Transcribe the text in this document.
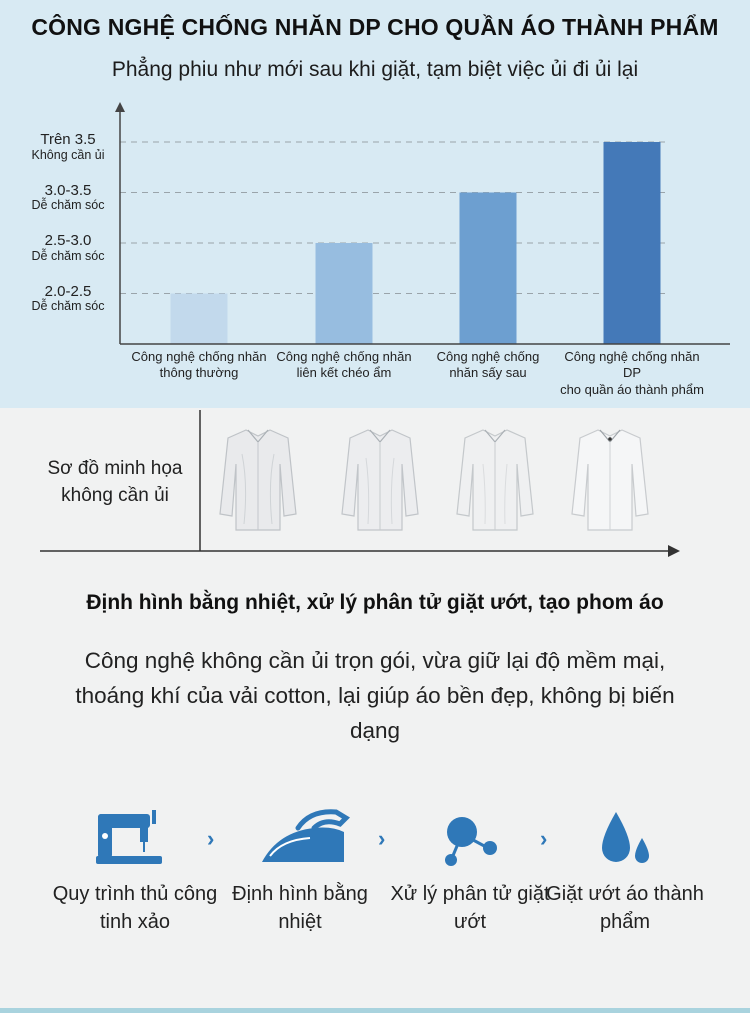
CÔNG NGHỆ CHỐNG NHĂN DP CHO QUẦN ÁO THÀNH PHẨM
Phẳng phiu như mới sau khi giặt, tạm biệt việc ủi đi ủi lại
2.0-2.5
Dễ chăm sóc
2.5-3.0
Dễ chăm sóc
3.0-3.5
Dễ chăm sóc
Trên 3.5
Không cần ủi
Công nghệ chống nhăn
thông thường
Công nghệ chống nhăn
liên kết chéo ẩm
Công nghệ chống
nhăn sấy sau
Công nghệ chống nhăn DP
cho quần áo thành phẩm
Sơ đồ minh họa không cần ủi
Định hình bằng nhiệt, xử lý phân tử giặt ướt, tạo phom áo
Công nghệ không cần ủi trọn gói, vừa giữ lại độ mềm mại, thoáng khí của vải cotton, lại giúp áo bền đẹp, không bị biến dạng
›	›	›
Quy trình thủ công tinh xảo
Định hình bằng nhiệt
Xử lý phân tử giặt ướt
Giặt ướt áo thành phẩm
